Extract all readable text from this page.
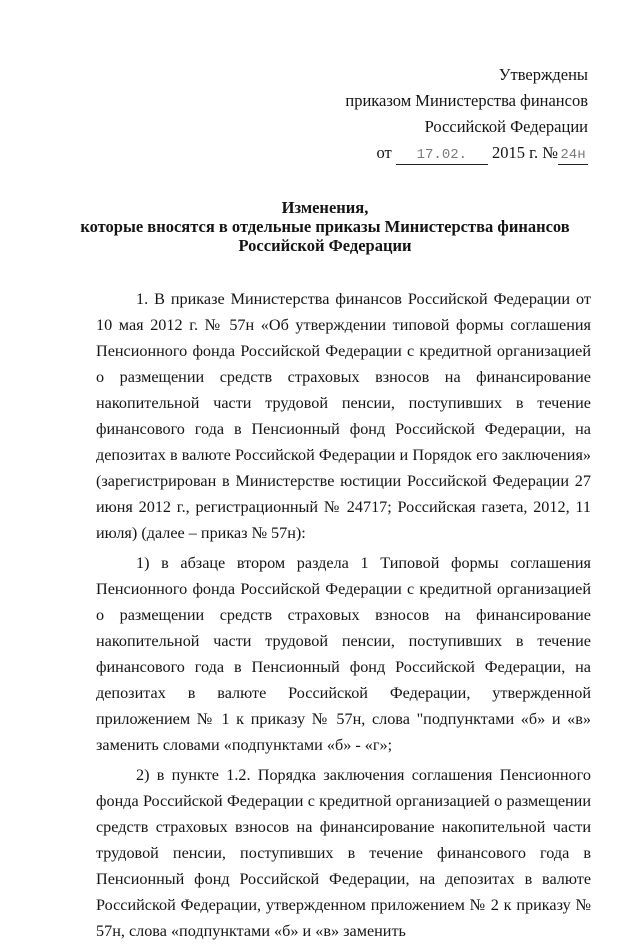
Утверждены
приказом Министерства финансов
Российской Федерации
от 17.02. 2015 г. № 24н
Изменения,
которые вносятся в отдельные приказы Министерства финансов
Российской Федерации

1. В приказе Министерства финансов Российской Федерации от 10 мая 2012 г. № 57н «Об утверждении типовой формы соглашения Пенсионного фонда Российской Федерации с кредитной организацией о размещении средств страховых взносов на финансирование накопительной части трудовой пенсии, поступивших в течение финансового года в Пенсионный фонд Российской Федерации, на депозитах в валюте Российской Федерации и Порядок его заключения» (зарегистрирован в Министерстве юстиции Российской Федерации 27 июня 2012 г., регистрационный № 24717; Российская газета, 2012, 11 июля) (далее – приказ № 57н):

1) в абзаце втором раздела 1 Типовой формы соглашения Пенсионного фонда Российской Федерации с кредитной организацией о размещении средств страховых взносов на финансирование накопительной части трудовой пенсии, поступивших в течение финансового года в Пенсионный фонд Российской Федерации, на депозитах в валюте Российской Федерации, утвержденной приложением № 1 к приказу № 57н, слова "подпунктами «б» и «в» заменить словами «подпунктами «б» - «г»;

2) в пункте 1.2. Порядка заключения соглашения Пенсионного фонда Российской Федерации с кредитной организацией о размещении средств страховых взносов на финансирование накопительной части трудовой пенсии, поступивших в течение финансового года в Пенсионный фонд Российской Федерации, на депозитах в валюте Российской Федерации, утвержденном приложением № 2 к приказу № 57н, слова «подпунктами «б» и «в» заменить
